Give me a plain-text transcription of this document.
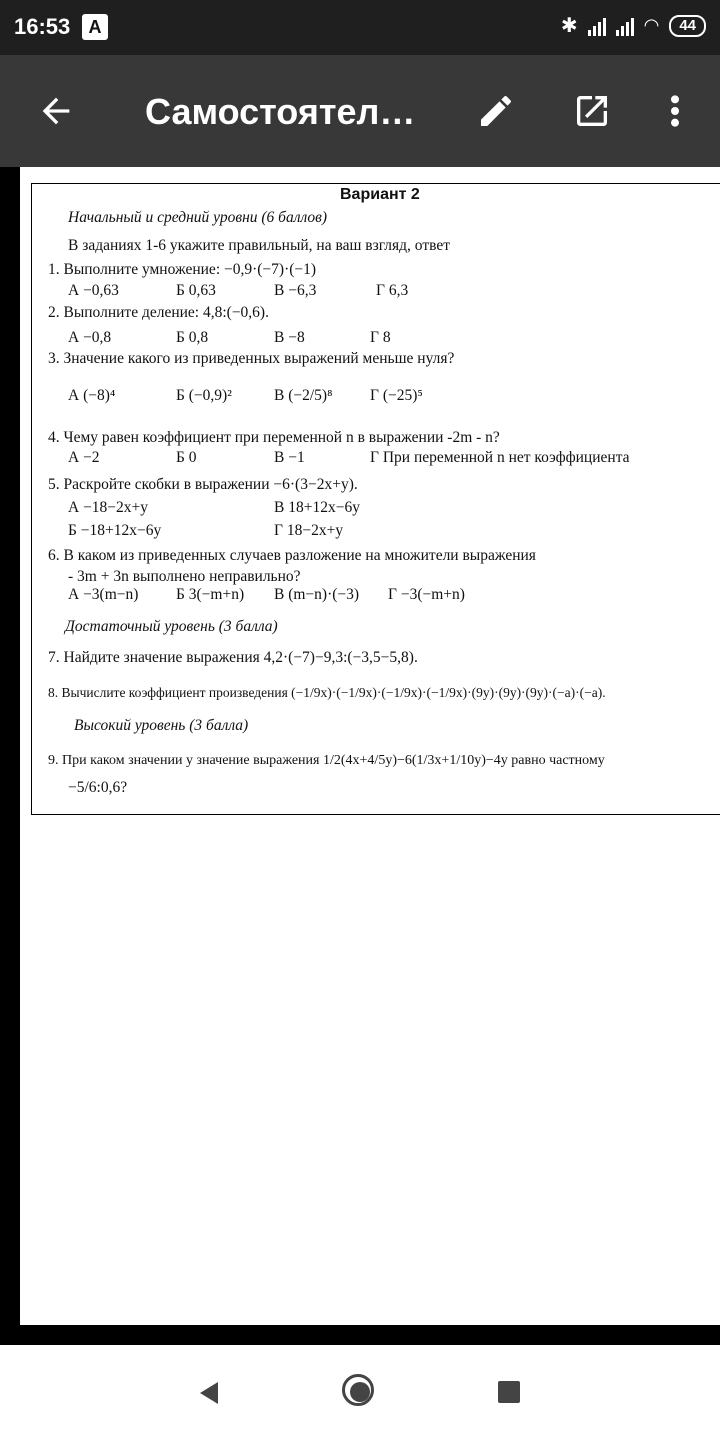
16:53	A	✱	◠	44
Самостоятел…
Вариант 2
Начальный и средний уровни (6 баллов)
В заданиях 1-6 укажите правильный, на ваш взгляд, ответ
1. Выполните умножение: −0,9·(−7)·(−1)
А −0,63	Б 0,63	В −6,3	Г 6,3
2. Выполните деление: 4,8:(−0,6).
А −0,8	Б 0,8	В −8	Г 8
3. Значение какого из приведенных выражений меньше нуля?
А (−8)⁴	Б (−0,9)²	В (−2/5)⁸ Г (−25)⁵
4. Чему равен коэффициент при переменной n в выражении -2m - n?
А −2	Б 0	В −1	Г При переменной n нет коэффициента
5. Раскройте скобки в выражении −6·(3−2x+y).
А −18−2x+y	В 18+12x−6y
Б −18+12x−6y	Г 18−2x+y
6. В каком из приведенных случаев разложение на множители выражения
- 3m + 3n выполнено неправильно?
А −3(m−n) Б 3(−m+n) В (m−n)·(−3) Г −3(−m+n)
Достаточный уровень (3 балла)
7. Найдите значение выражения 4,2·(−7)−9,3:(−3,5−5,8).
8. Вычислите коэффициент произведения (−1/9x)·(−1/9x)·(−1/9x)·(−1/9x)·(9y)·(9y)·(9y)·(−a)·(−a).
Высокий уровень (3 балла)
9. При каком значении y значение выражения 1/2(4x+4/5y)−6(1/3x+1/10y)−4y равно частному
−5/6:0,6?
